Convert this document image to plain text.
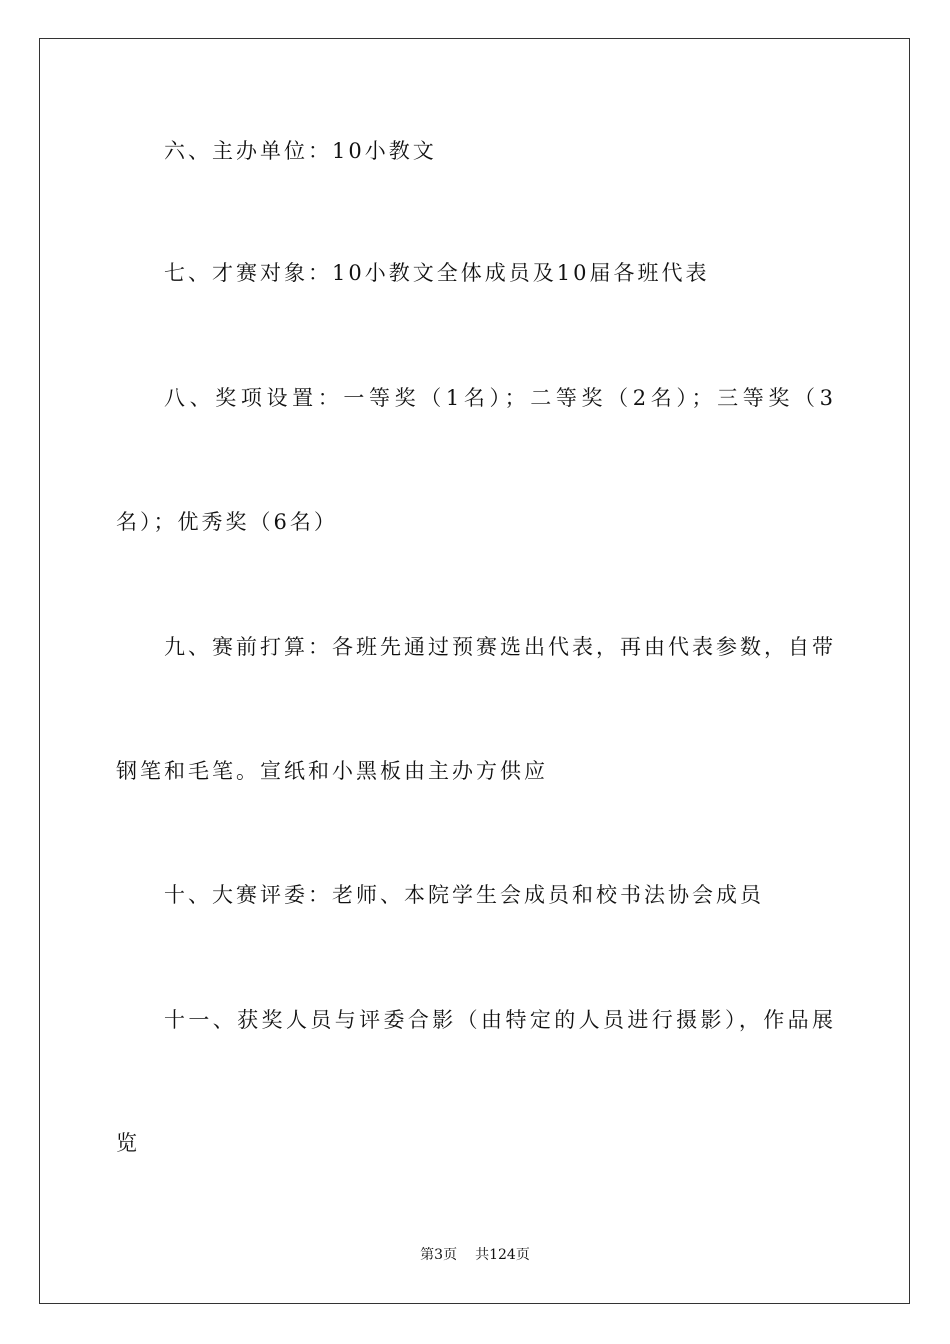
六、主办单位：10小教文
七、才赛对象：10小教文全体成员及10届各班代表
八、奖项设置：一等奖（1名）；二等奖（2名）；三等奖（3
名）；优秀奖（6名）
九、赛前打算：各班先通过预赛选出代表，再由代表参数，自带
钢笔和毛笔。宣纸和小黑板由主办方供应
十、大赛评委：老师、本院学生会成员和校书法协会成员
十一、获奖人员与评委合影（由特定的人员进行摄影），作品展
览
第3页 共124页
